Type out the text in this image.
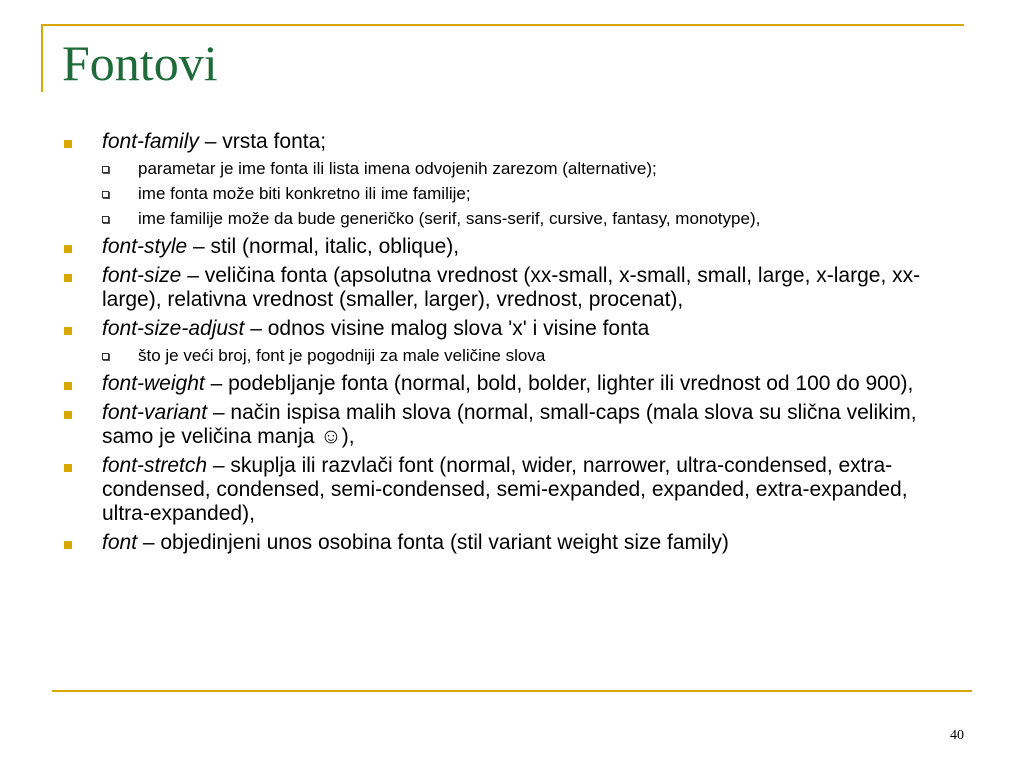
Fontovi
font-family – vrsta fonta;
parametar je ime fonta ili lista imena odvojenih zarezom (alternative);
ime fonta može biti konkretno ili ime familije;
ime familije može da bude generičko (serif, sans-serif, cursive, fantasy, monotype),
font-style – stil (normal, italic, oblique),
font-size – veličina fonta (apsolutna vrednost (xx-small, x-small, small, large, x-large, xx-large), relativna vrednost (smaller, larger), vrednost, procenat),
font-size-adjust – odnos visine malog slova 'x' i visine fonta
što je veći broj, font je pogodniji za male veličine slova
font-weight – podebljanje fonta (normal, bold, bolder, lighter ili vrednost od 100 do 900),
font-variant – način ispisa malih slova (normal, small-caps (mala slova su slična velikim, samo je veličina manja ☺),
font-stretch – skuplja ili razvlači font (normal, wider, narrower, ultra-condensed, extra-condensed, condensed, semi-condensed, semi-expanded, expanded, extra-expanded, ultra-expanded),
font – objedinjeni unos osobina fonta (stil variant weight size family)
40
